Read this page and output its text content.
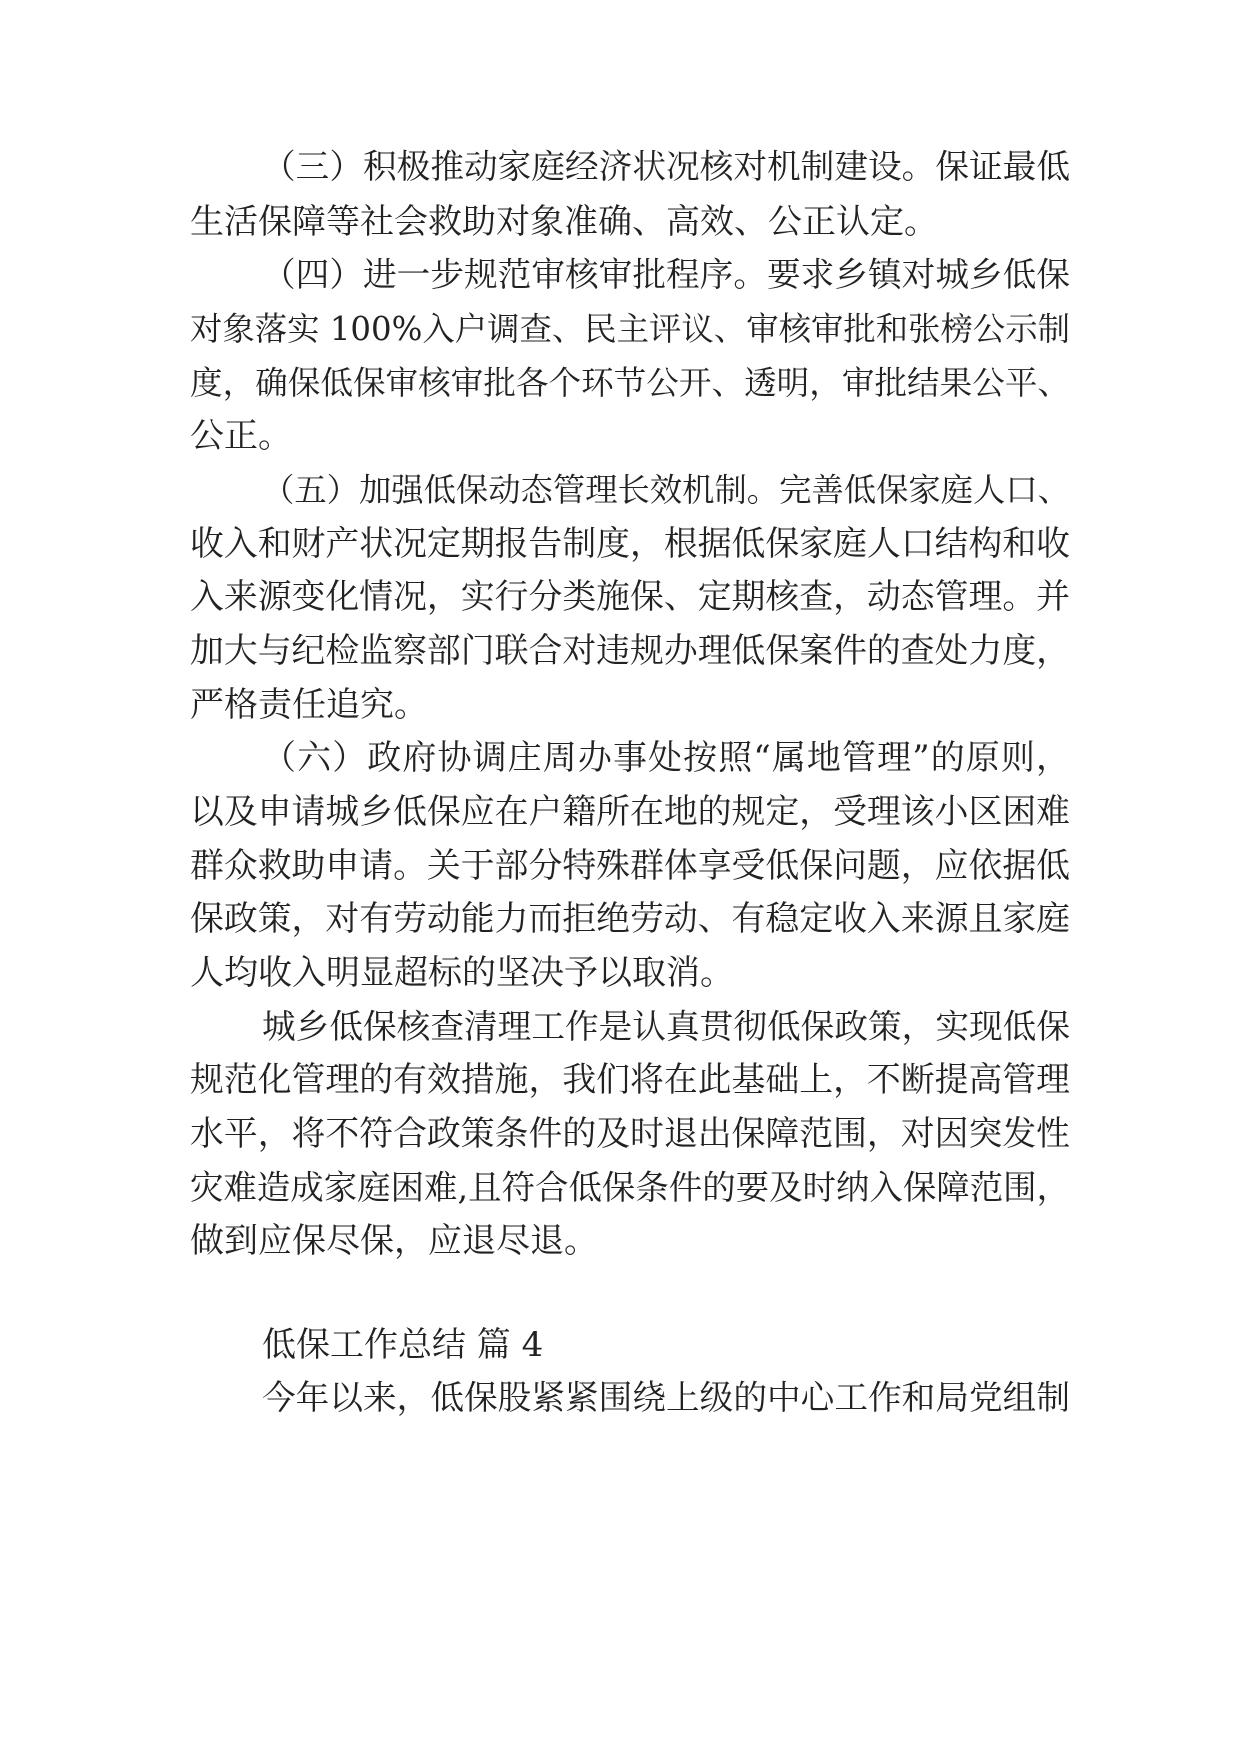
（三）积极推动家庭经济状况核对机制建设。保证最低
生活保障等社会救助对象准确、高效、公正认定。
（四）进一步规范审核审批程序。要求乡镇对城乡低保
对象落实 100%入户调查、民主评议、审核审批和张榜公示制
度，确保低保审核审批各个环节公开、透明，审批结果公平、
公正。
（五）加强低保动态管理长效机制。完善低保家庭人口、
收入和财产状况定期报告制度，根据低保家庭人口结构和收
入来源变化情况，实行分类施保、定期核查，动态管理。并
加大与纪检监察部门联合对违规办理低保案件的查处力度，
严格责任追究。
（六）政府协调庄周办事处按照“属地管理”的原则，
以及申请城乡低保应在户籍所在地的规定，受理该小区困难
群众救助申请。关于部分特殊群体享受低保问题，应依据低
保政策，对有劳动能力而拒绝劳动、有稳定收入来源且家庭
人均收入明显超标的坚决予以取消。
城乡低保核查清理工作是认真贯彻低保政策，实现低保
规范化管理的有效措施，我们将在此基础上，不断提高管理
水平，将不符合政策条件的及时退出保障范围，对因突发性
灾难造成家庭困难,且符合低保条件的要及时纳入保障范围，
做到应保尽保，应退尽退。
低保工作总结 篇 4
今年以来，低保股紧紧围绕上级的中心工作和局党组制
